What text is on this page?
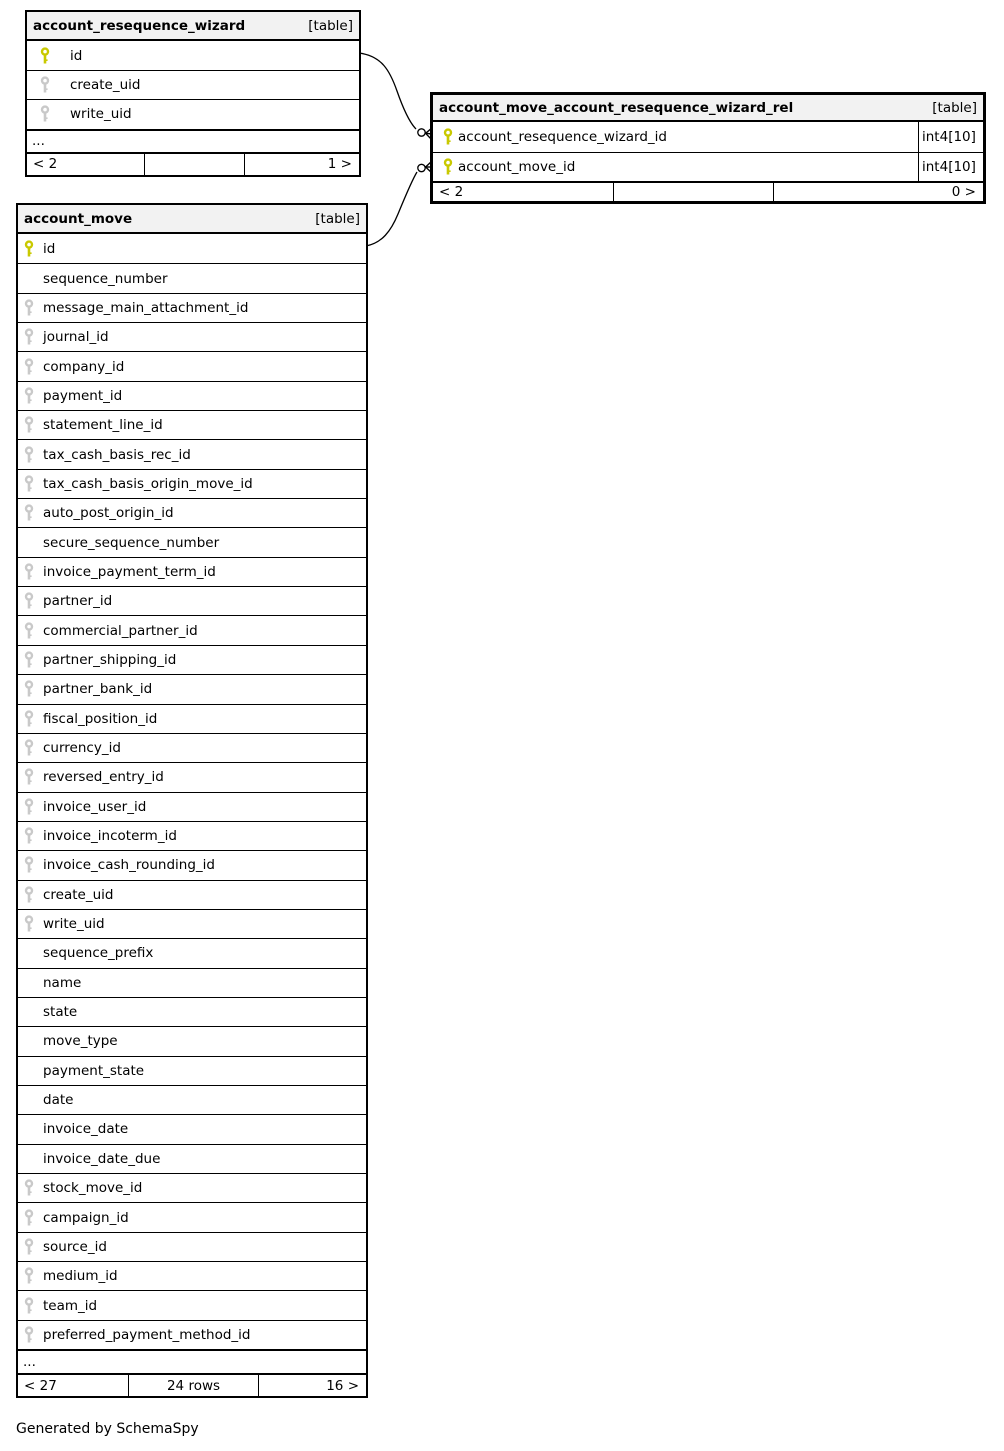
account_resequence_wizard	[table]
id
create_uid
write_uid
...
< 2	1 >
account_move_account_resequence_wizard_rel	[table]
account_resequence_wizard_id	int4[10]
account_move_id	int4[10]
< 2	0 >
account_move	[table]
id
sequence_number
message_main_attachment_id
journal_id
company_id
payment_id
statement_line_id
tax_cash_basis_rec_id
tax_cash_basis_origin_move_id
auto_post_origin_id
secure_sequence_number
invoice_payment_term_id
partner_id
commercial_partner_id
partner_shipping_id
partner_bank_id
fiscal_position_id
currency_id
reversed_entry_id
invoice_user_id
invoice_incoterm_id
invoice_cash_rounding_id
create_uid
write_uid
sequence_prefix
name
state
move_type
payment_state
date
invoice_date
invoice_date_due
stock_move_id
campaign_id
source_id
medium_id
team_id
preferred_payment_method_id
...
< 27	24 rows	16 >
Generated by SchemaSpy
